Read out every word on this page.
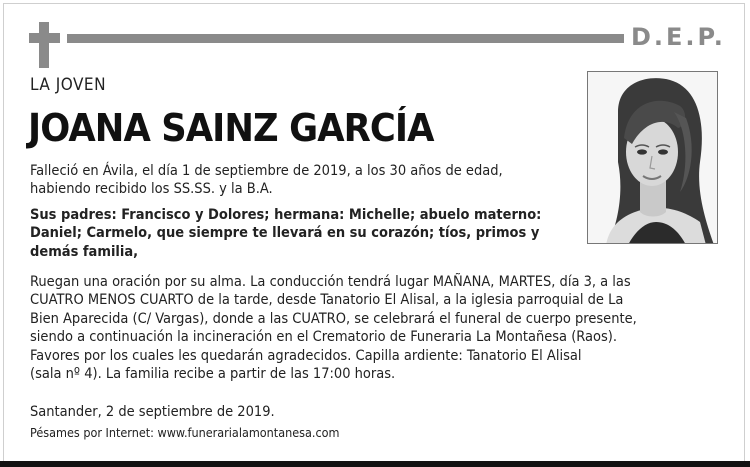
D.E.P.
LA JOVEN
JOANA SAINZ GARCÍA
Falleció en Ávila, el día 1 de septiembre de 2019, a los 30 años de edad,
habiendo recibido los SS.SS. y la B.A.
Sus padres: Francisco y Dolores; hermana: Michelle; abuelo materno:
Daniel; Carmelo, que siempre te llevará en su corazón; tíos, primos y
demás familia,
Ruegan una oración por su alma. La conducción tendrá lugar MAÑANA, MARTES, día 3, a las
CUATRO MENOS CUARTO de la tarde, desde Tanatorio El Alisal, a la iglesia parroquial de La
Bien Aparecida (C/ Vargas), donde a las CUATRO, se celebrará el funeral de cuerpo presente,
siendo a continuación la incineración en el Crematorio de Funeraria La Montañesa (Raos).
Favores por los cuales les quedarán agradecidos. Capilla ardiente: Tanatorio El Alisal
(sala nº 4). La familia recibe a partir de las 17:00 horas.
Santander, 2 de septiembre de 2019.
Pésames por Internet: www.funerarialamontanesa.com
